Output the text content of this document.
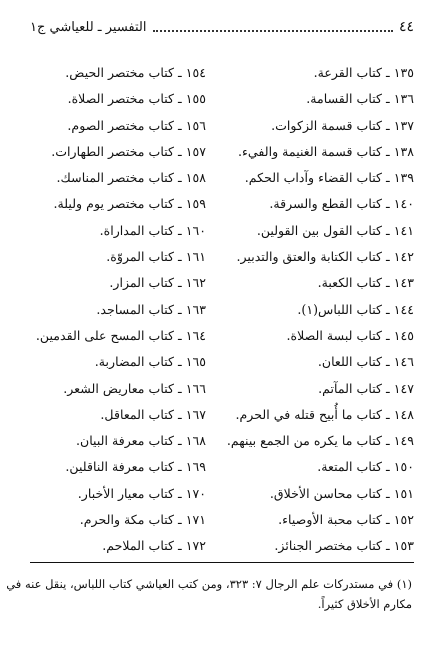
٤٤
التفسير ـ للعياشي ج١
١٣٥ ـ كتاب القرعة.
١٣٦ ـ كتاب القسامة.
١٣٧ ـ كتاب قسمة الزكوات.
١٣٨ ـ كتاب قسمة الغنيمة والفيء.
١٣٩ ـ كتاب القضاء وآداب الحكم.
١٤٠ ـ كتاب القطع والسرقة.
١٤١ ـ كتاب القول بين القولين.
١٤٢ ـ كتاب الكتابة والعتق والتدبير.
١٤٣ ـ كتاب الكعبة.
١٤٤ ـ كتاب اللباس(١).
١٤٥ ـ كتاب لبسة الصلاة.
١٤٦ ـ كتاب اللعان.
١٤٧ ـ كتاب المآتم.
١٤٨ ـ كتاب ما أُبيح قتله في الحرم.
١٤٩ ـ كتاب ما يكره من الجمع بينهم.
١٥٠ ـ كتاب المتعة.
١٥١ ـ كتاب محاسن الأخلاق.
١٥٢ ـ كتاب محبة الأوصياء.
١٥٣ ـ كتاب مختصر الجنائز.
١٥٤ ـ كتاب مختصر الحيض.
١٥٥ ـ كتاب مختصر الصلاة.
١٥٦ ـ كتاب مختصر الصوم.
١٥٧ ـ كتاب مختصر الطهارات.
١٥٨ ـ كتاب مختصر المناسك.
١٥٩ ـ كتاب مختصر يوم وليلة.
١٦٠ ـ كتاب المداراة.
١٦١ ـ كتاب المروّة.
١٦٢ ـ كتاب المزار.
١٦٣ ـ كتاب المساجد.
١٦٤ ـ كتاب المسح على القدمين.
١٦٥ ـ كتاب المضاربة.
١٦٦ ـ كتاب معاريض الشعر.
١٦٧ ـ كتاب المعاقل.
١٦٨ ـ كتاب معرفة البيان.
١٦٩ ـ كتاب معرفة الناقلين.
١٧٠ ـ كتاب معيار الأخبار.
١٧١ ـ كتاب مكة والحرم.
١٧٢ ـ كتاب الملاحم.
(١) في مستدركات علم الرجال ٧: ٣٢٣، ومن كتب العياشي كتاب اللباس، ينقل عنه في
مكارم الأخلاق كثيراً.
